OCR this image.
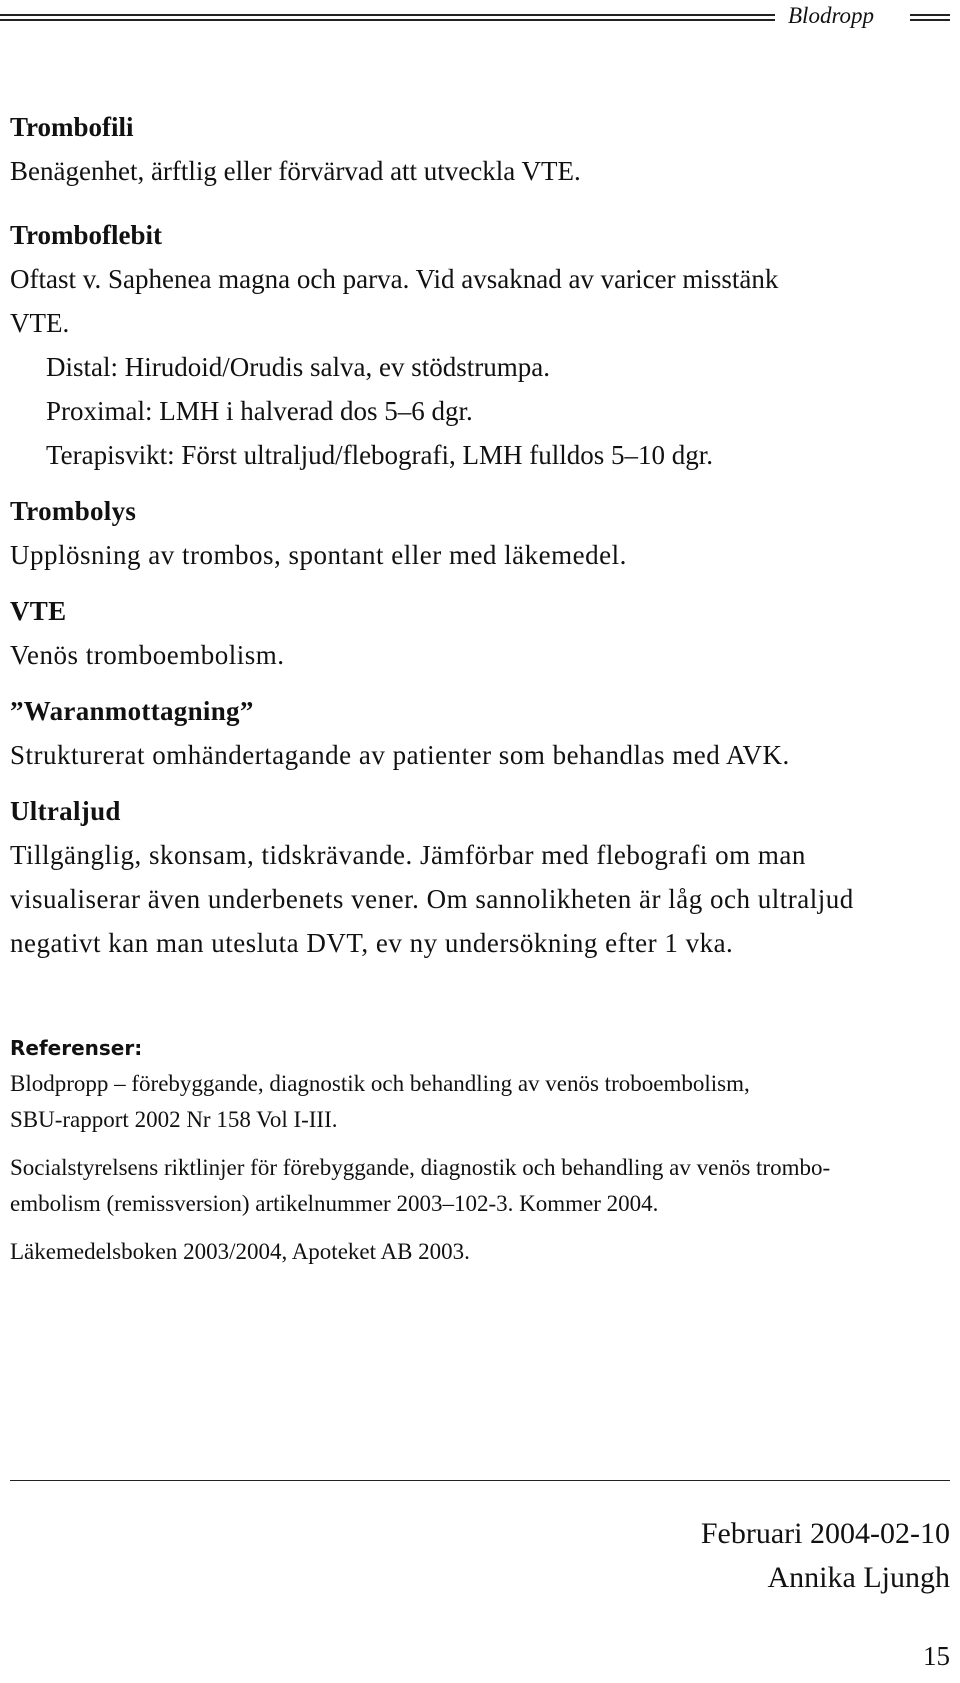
Blodropp

Trombofili

Benägenhet, ärftlig eller förvärvad att utveckla VTE.

Tromboflebit

Oftast v. Saphenea magna och parva. Vid avsaknad av varicer misstänk

VTE.

Distal: Hirudoid/Orudis salva, ev stödstrumpa.

Proximal: LMH i halverad dos 5–6 dgr.

Terapisvikt: Först ultraljud/flebografi, LMH fulldos 5–10 dgr.

Trombolys

Upplösning av trombos, spontant eller med läkemedel.

VTE

Venös tromboembolism.

”Waranmottagning”

Strukturerat omhändertagande av patienter som behandlas med AVK.

Ultraljud

Tillgänglig, skonsam, tidskrävande. Jämförbar med flebografi om man

visualiserar även underbenets vener. Om sannolikheten är låg och ultraljud

negativt kan man utesluta DVT, ev ny undersökning efter 1 vka.

Referenser:

Blodpropp – förebyggande, diagnostik och behandling av venös troboembolism,
SBU-rapport 2002 Nr 158 Vol I-III.
Socialstyrelsens riktlinjer för förebyggande, diagnostik och behandling av venös trombo-
embolism (remissversion) artikelnummer 2003–102-3. Kommer 2004.
Läkemedelsboken 2003/2004, Apoteket AB 2003.
Februari 2004-02-10
Annika Ljungh
15
